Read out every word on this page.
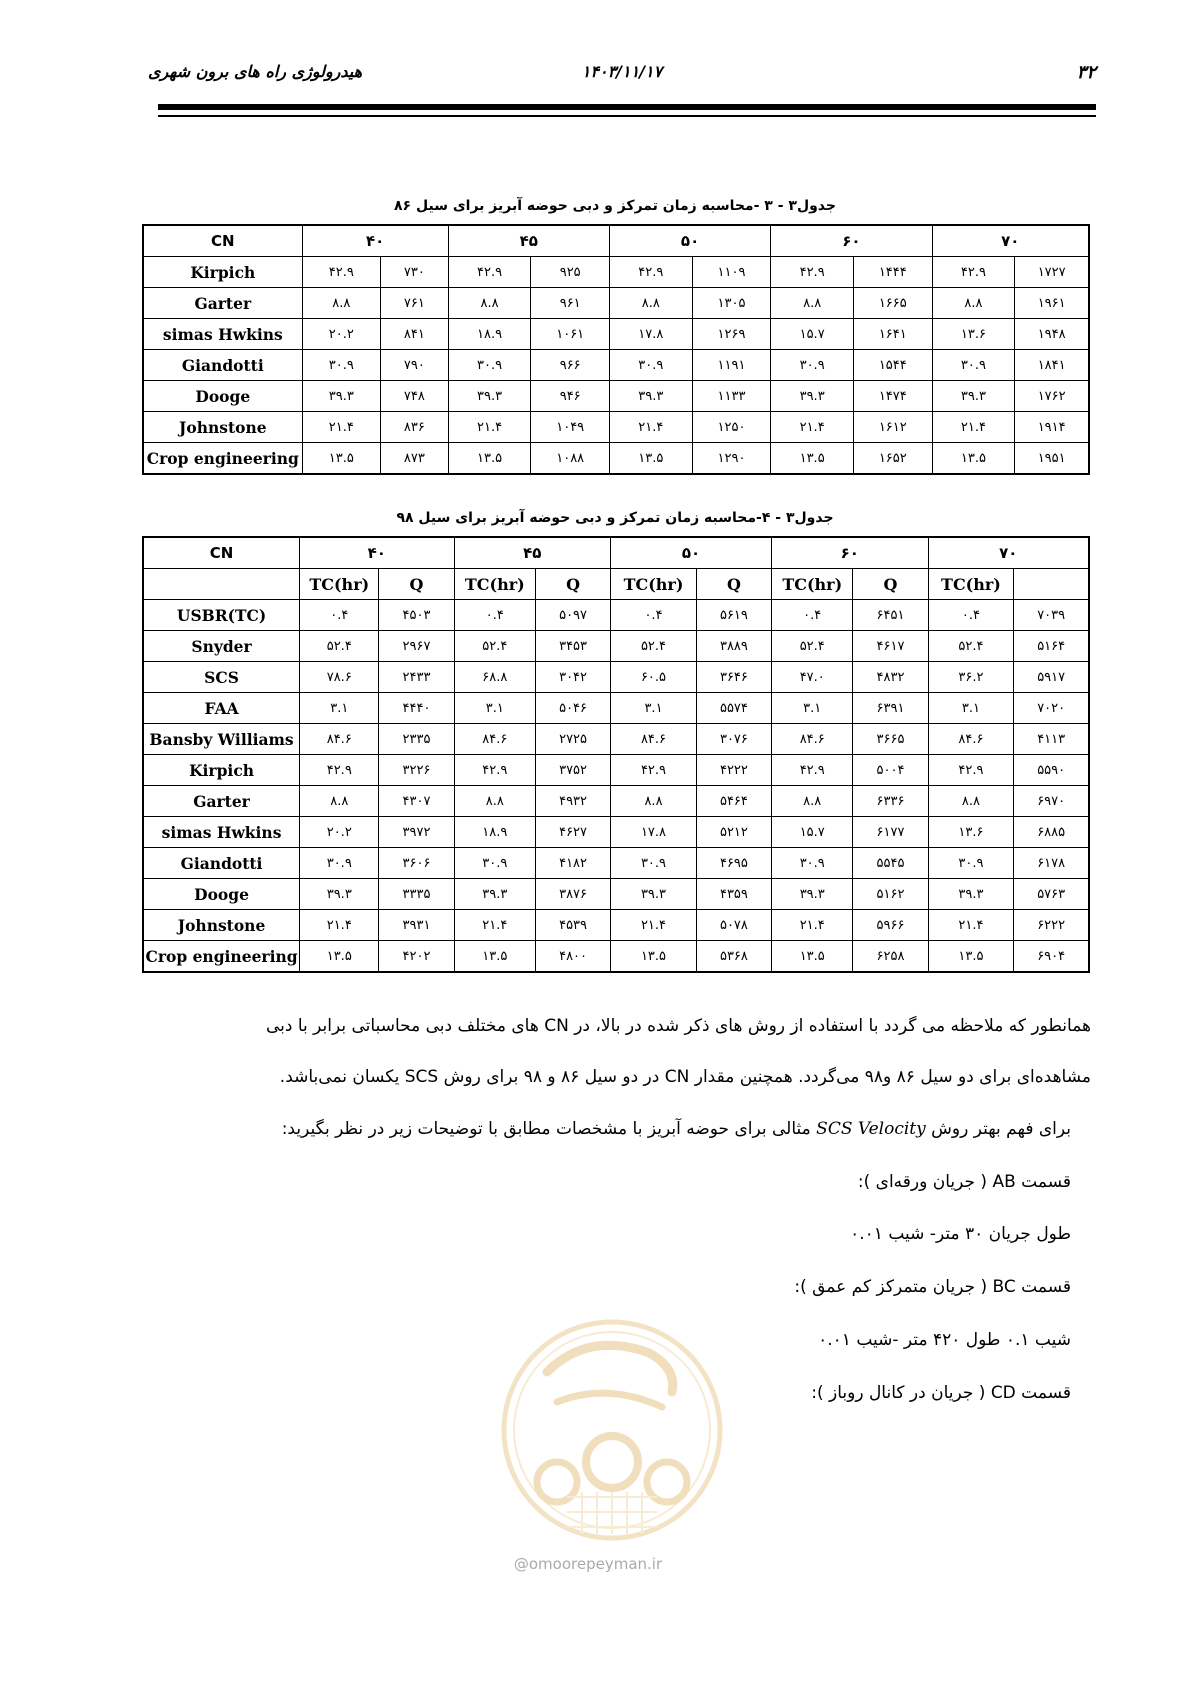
هیدرولوژی راه های برون شهری	۱۴۰۳/۱۱/۱۷	۳۲
جدول۳ - ۳ -محاسبه زمان تمرکز و دبی حوضه آبریز برای سیل ۸۶
CN	۴۰		۴۵		۵۰		۶۰		۷۰	
Kirpich	۴۲.۹	۷۳۰	۴۲.۹	۹۲۵	۴۲.۹	۱۱۰۹	۴۲.۹	۱۴۴۴	۴۲.۹	۱۷۲۷
Garter	۸.۸	۷۶۱	۸.۸	۹۶۱	۸.۸	۱۳۰۵	۸.۸	۱۶۶۵	۸.۸	۱۹۶۱
simas Hwkins	۲۰.۲	۸۴۱	۱۸.۹	۱۰۶۱	۱۷.۸	۱۲۶۹	۱۵.۷	۱۶۴۱	۱۳.۶	۱۹۴۸
Giandotti	۳۰.۹	۷۹۰	۳۰.۹	۹۶۶	۳۰.۹	۱۱۹۱	۳۰.۹	۱۵۴۴	۳۰.۹	۱۸۴۱
Dooge	۳۹.۳	۷۴۸	۳۹.۳	۹۴۶	۳۹.۳	۱۱۳۳	۳۹.۳	۱۴۷۴	۳۹.۳	۱۷۶۲
Johnstone	۲۱.۴	۸۳۶	۲۱.۴	۱۰۴۹	۲۱.۴	۱۲۵۰	۲۱.۴	۱۶۱۲	۲۱.۴	۱۹۱۴
Crop engineering	۱۳.۵	۸۷۳	۱۳.۵	۱۰۸۸	۱۳.۵	۱۲۹۰	۱۳.۵	۱۶۵۲	۱۳.۵	۱۹۵۱
جدول۳ - ۴-محاسبه زمان تمرکز و دبی حوضه آبریز برای سیل ۹۸
CN	۴۰		۴۵		۵۰		۶۰		۷۰	
	TC(hr)	Q	TC(hr)	Q	TC(hr)	Q	TC(hr)	Q	TC(hr)	
USBR(TC)	۰.۴	۴۵۰۳	۰.۴	۵۰۹۷	۰.۴	۵۶۱۹	۰.۴	۶۴۵۱	۰.۴	۷۰۳۹
Snyder	۵۲.۴	۲۹۶۷	۵۲.۴	۳۴۵۳	۵۲.۴	۳۸۸۹	۵۲.۴	۴۶۱۷	۵۲.۴	۵۱۶۴
SCS	۷۸.۶	۲۴۳۳	۶۸.۸	۳۰۴۲	۶۰.۵	۳۶۴۶	۴۷.۰	۴۸۳۲	۳۶.۲	۵۹۱۷
FAA	۳.۱	۴۴۴۰	۳.۱	۵۰۴۶	۳.۱	۵۵۷۴	۳.۱	۶۳۹۱	۳.۱	۷۰۲۰
Bansby Williams	۸۴.۶	۲۳۳۵	۸۴.۶	۲۷۲۵	۸۴.۶	۳۰۷۶	۸۴.۶	۳۶۶۵	۸۴.۶	۴۱۱۳
Kirpich	۴۲.۹	۳۲۲۶	۴۲.۹	۳۷۵۲	۴۲.۹	۴۲۲۲	۴۲.۹	۵۰۰۴	۴۲.۹	۵۵۹۰
Garter	۸.۸	۴۳۰۷	۸.۸	۴۹۳۲	۸.۸	۵۴۶۴	۸.۸	۶۳۳۶	۸.۸	۶۹۷۰
simas Hwkins	۲۰.۲	۳۹۷۲	۱۸.۹	۴۶۲۷	۱۷.۸	۵۲۱۲	۱۵.۷	۶۱۷۷	۱۳.۶	۶۸۸۵
Giandotti	۳۰.۹	۳۶۰۶	۳۰.۹	۴۱۸۲	۳۰.۹	۴۶۹۵	۳۰.۹	۵۵۴۵	۳۰.۹	۶۱۷۸
Dooge	۳۹.۳	۳۳۳۵	۳۹.۳	۳۸۷۶	۳۹.۳	۴۳۵۹	۳۹.۳	۵۱۶۲	۳۹.۳	۵۷۶۳
Johnstone	۲۱.۴	۳۹۳۱	۲۱.۴	۴۵۳۹	۲۱.۴	۵۰۷۸	۲۱.۴	۵۹۶۶	۲۱.۴	۶۲۲۲
Crop engineering	۱۳.۵	۴۲۰۲	۱۳.۵	۴۸۰۰	۱۳.۵	۵۳۶۸	۱۳.۵	۶۲۵۸	۱۳.۵	۶۹۰۴
همانطور که ملاحظه می گردد با استفاده از روش های ذکر شده در بالا، در CN های مختلف دبی محاسباتی برابر با دبی
مشاهده‌ای برای دو سیل ۸۶ و۹۸ می‌گردد. همچنین مقدار CN در دو سیل ۸۶ و ۹۸ برای روش SCS یکسان نمی‌باشد.
برای فهم بهتر روش SCS Velocity مثالی برای حوضه آبریز با مشخصات مطابق با توضیحات زیر در نظر بگیرید:
قسمت AB ( جریان ورقه‌ای ):
طول جریان ۳۰ متر- شیب ۰.۰۱
قسمت BC ( جریان متمرکز کم عمق ):
شیب ۰.۱ طول ۴۲۰ متر -شیب ۰.۰۱
قسمت CD ( جریان در کانال روباز ):
@omoorepeyman.ir
